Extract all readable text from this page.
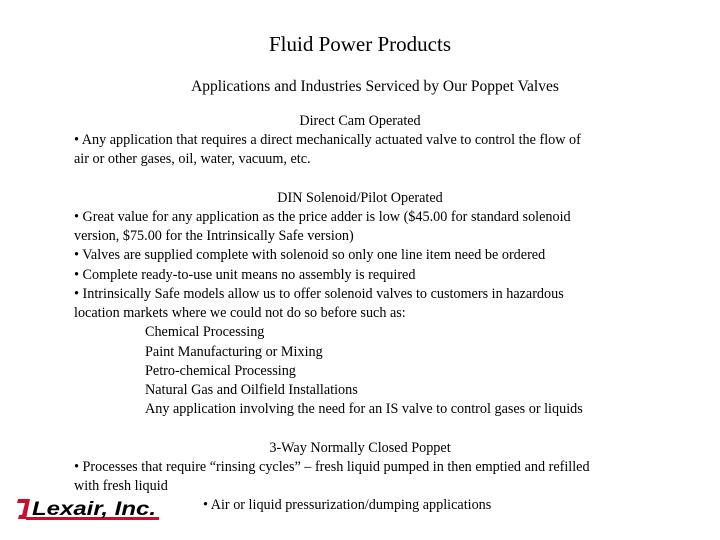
Fluid Power Products
Applications and Industries Serviced by Our Poppet Valves
Direct Cam Operated
• Any application that requires a direct mechanically actuated valve to control the flow of
air or other gases, oil, water, vacuum, etc.
DIN Solenoid/Pilot Operated
• Great value for any application as the price adder is low ($45.00 for standard solenoid
version, $75.00 for the Intrinsically Safe version)
• Valves are supplied complete with solenoid so only one line item need be ordered
• Complete ready-to-use unit means no assembly is required
• Intrinsically Safe models allow us to offer solenoid valves to customers in hazardous
location markets where we could not do so before such as:
Chemical Processing
Paint Manufacturing or Mixing
Petro-chemical Processing
Natural Gas and Oilfield Installations
Any application involving the need for an IS valve to control gases or liquids
3-Way Normally Closed Poppet
• Processes that require “rinsing cycles” – fresh liquid pumped in then emptied and refilled
with fresh liquid
• Air or liquid pressurization/dumping applications
Lexair, Inc.
